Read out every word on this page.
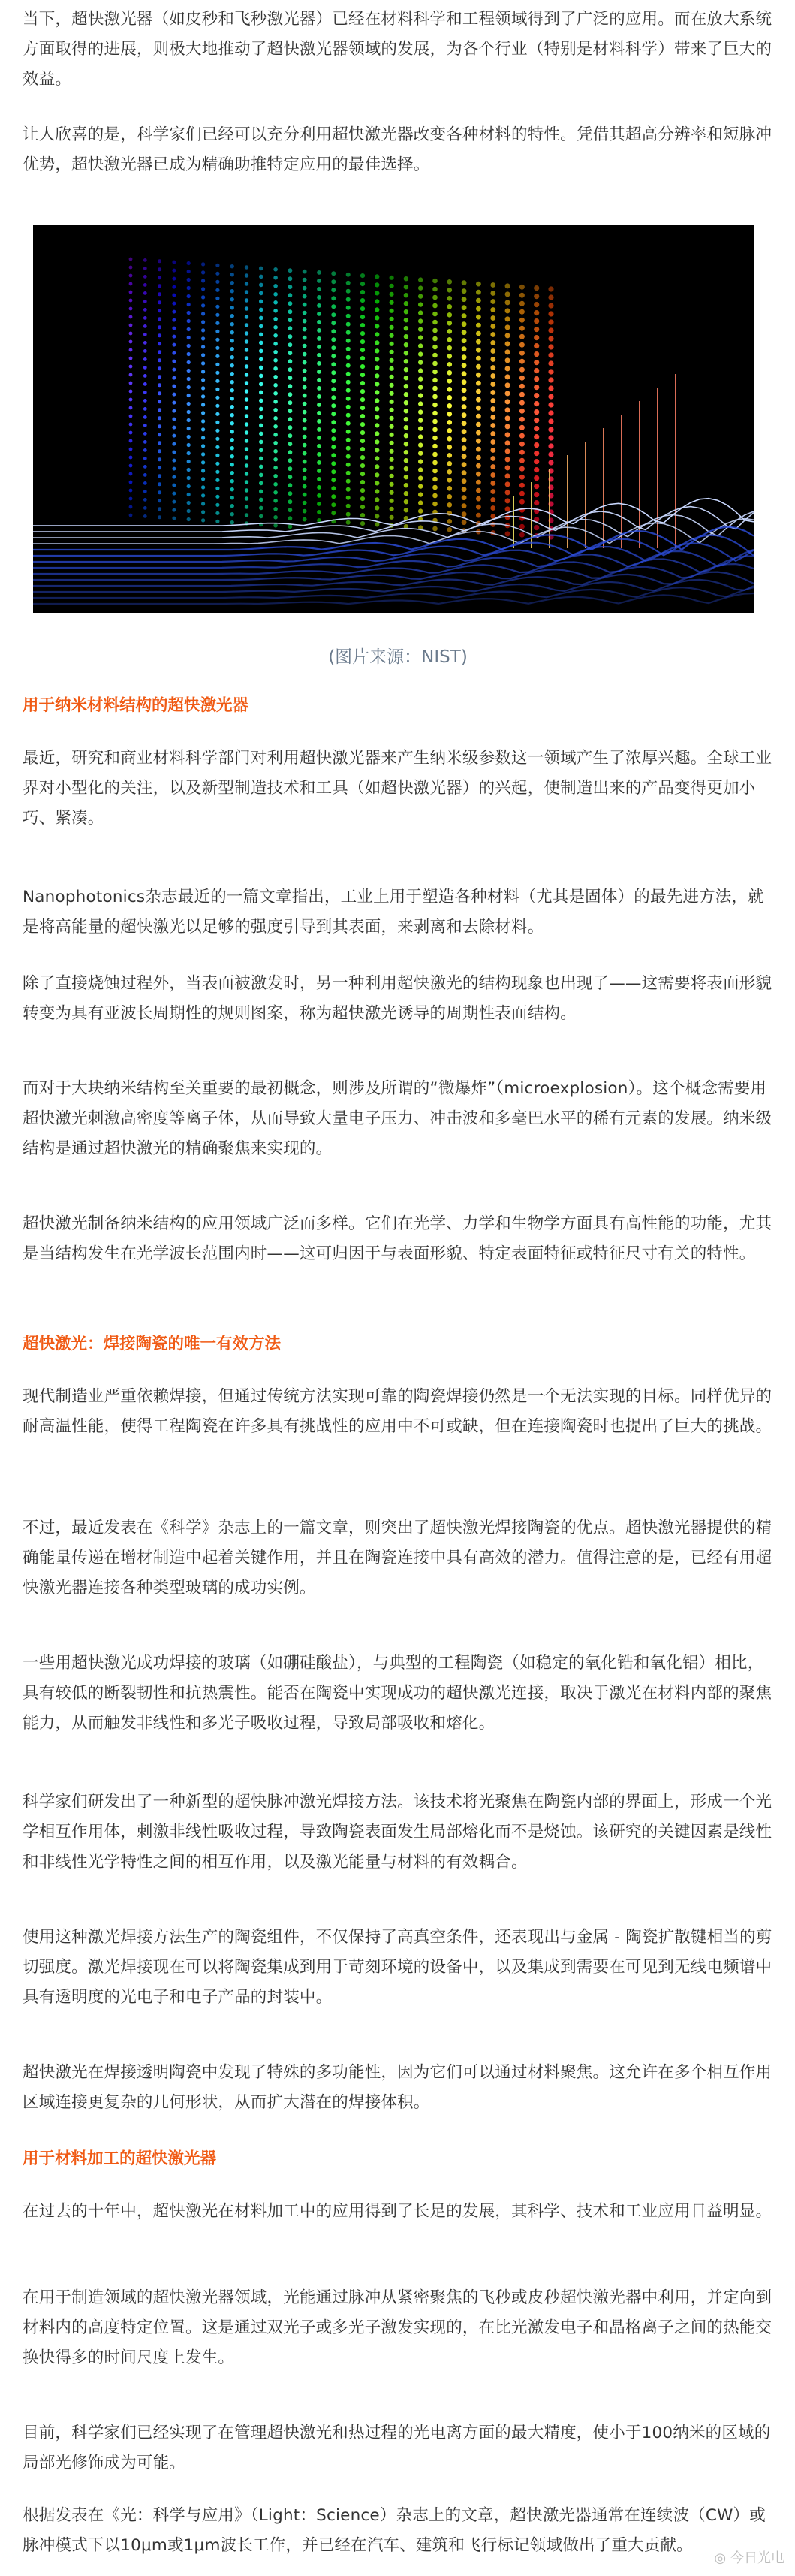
当下，超快激光器（如皮秒和飞秒激光器）已经在材料科学和工程领域得到了广泛的应用。而在放大系统方面取得的进展，则极大地推动了超快激光器领域的发展，为各个行业（特别是材料科学）带来了巨大的效益。

让人欣喜的是，科学家们已经可以充分利用超快激光器改变各种材料的特性。凭借其超高分辨率和短脉冲优势，超快激光器已成为精确助推特定应用的最佳选择。

(图片来源：NIST)

用于纳米材料结构的超快激光器

最近，研究和商业材料科学部门对利用超快激光器来产生纳米级参数这一领域产生了浓厚兴趣。全球工业界对小型化的关注，以及新型制造技术和工具（如超快激光器）的兴起，使制造出来的产品变得更加小巧、紧凑。

Nanophotonics杂志最近的一篇文章指出，工业上用于塑造各种材料（尤其是固体）的最先进方法，就是将高能量的超快激光以足够的强度引导到其表面，来剥离和去除材料。

除了直接烧蚀过程外，当表面被激发时，另一种利用超快激光的结构现象也出现了——这需要将表面形貌转变为具有亚波长周期性的规则图案，称为超快激光诱导的周期性表面结构。

而对于大块纳米结构至关重要的最初概念，则涉及所谓的“微爆炸”（microexplosion）。这个概念需要用超快激光刺激高密度等离子体，从而导致大量电子压力、冲击波和多毫巴水平的稀有元素的发展。纳米级结构是通过超快激光的精确聚焦来实现的。

超快激光制备纳米结构的应用领域广泛而多样。它们在光学、力学和生物学方面具有高性能的功能，尤其是当结构发生在光学波长范围内时——这可归因于与表面形貌、特定表面特征或特征尺寸有关的特性。

超快激光：焊接陶瓷的唯一有效方法

现代制造业严重依赖焊接，但通过传统方法实现可靠的陶瓷焊接仍然是一个无法实现的目标。同样优异的耐高温性能，使得工程陶瓷在许多具有挑战性的应用中不可或缺，但在连接陶瓷时也提出了巨大的挑战。

不过，最近发表在《科学》杂志上的一篇文章，则突出了超快激光焊接陶瓷的优点。超快激光器提供的精确能量传递在增材制造中起着关键作用，并且在陶瓷连接中具有高效的潜力。值得注意的是，已经有用超快激光器连接各种类型玻璃的成功实例。

一些用超快激光成功焊接的玻璃（如硼硅酸盐），与典型的工程陶瓷（如稳定的氧化锆和氧化铝）相比，具有较低的断裂韧性和抗热震性。能否在陶瓷中实现成功的超快激光连接，取决于激光在材料内部的聚焦能力，从而触发非线性和多光子吸收过程，导致局部吸收和熔化。

科学家们研发出了一种新型的超快脉冲激光焊接方法。该技术将光聚焦在陶瓷内部的界面上，形成一个光学相互作用体，刺激非线性吸收过程，导致陶瓷表面发生局部熔化而不是烧蚀。该研究的关键因素是线性和非线性光学特性之间的相互作用，以及激光能量与材料的有效耦合。

使用这种激光焊接方法生产的陶瓷组件，不仅保持了高真空条件，还表现出与金属 - 陶瓷扩散键相当的剪切强度。激光焊接现在可以将陶瓷集成到用于苛刻环境的设备中，以及集成到需要在可见到无线电频谱中具有透明度的光电子和电子产品的封装中。

超快激光在焊接透明陶瓷中发现了特殊的多功能性，因为它们可以通过材料聚焦。这允许在多个相互作用区域连接更复杂的几何形状，从而扩大潜在的焊接体积。

用于材料加工的超快激光器

在过去的十年中，超快激光在材料加工中的应用得到了长足的发展，其科学、技术和工业应用日益明显。

在用于制造领域的超快激光器领域，光能通过脉冲从紧密聚焦的飞秒或皮秒超快激光器中利用，并定向到材料内的高度特定位置。这是通过双光子或多光子激发实现的，在比光激发电子和晶格离子之间的热能交换快得多的时间尺度上发生。

目前，科学家们已经实现了在管理超快激光和热过程的光电离方面的最大精度，使小于100纳米的区域的局部光修饰成为可能。

根据发表在《光：科学与应用》（Light：Science）杂志上的文章，超快激光器通常在连续波（CW）或脉冲模式下以10μm或1μm波长工作，并已经在汽车、建筑和飞行标记领域做出了重大贡献。

◎ 今日光电
